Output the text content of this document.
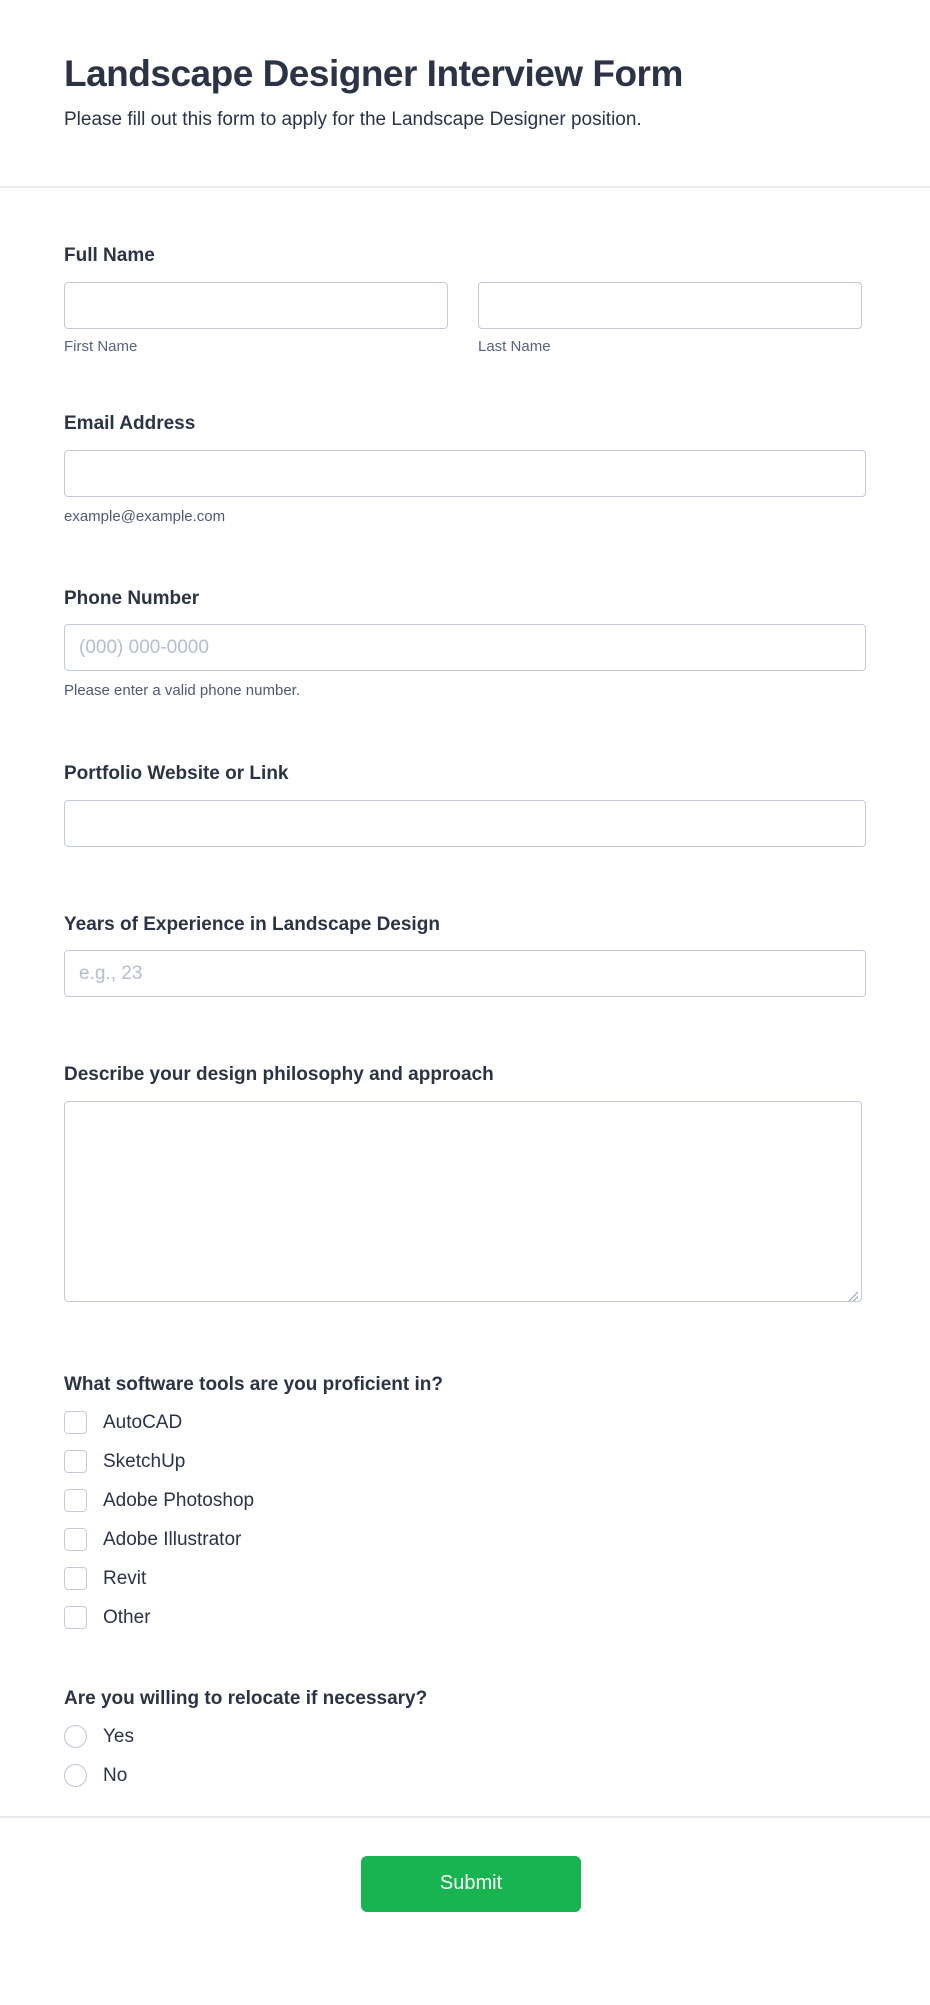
Landscape Designer Interview Form
Please fill out this form to apply for the Landscape Designer position.
Full Name
First Name	Last Name
Email Address
example@example.com
Phone Number
(000) 000-0000
Please enter a valid phone number.
Portfolio Website or Link
Years of Experience in Landscape Design
e.g., 23
Describe your design philosophy and approach
What software tools are you proficient in?
AutoCAD
SketchUp
Adobe Photoshop
Adobe Illustrator
Revit
Other
Are you willing to relocate if necessary?
Yes
No
Submit
